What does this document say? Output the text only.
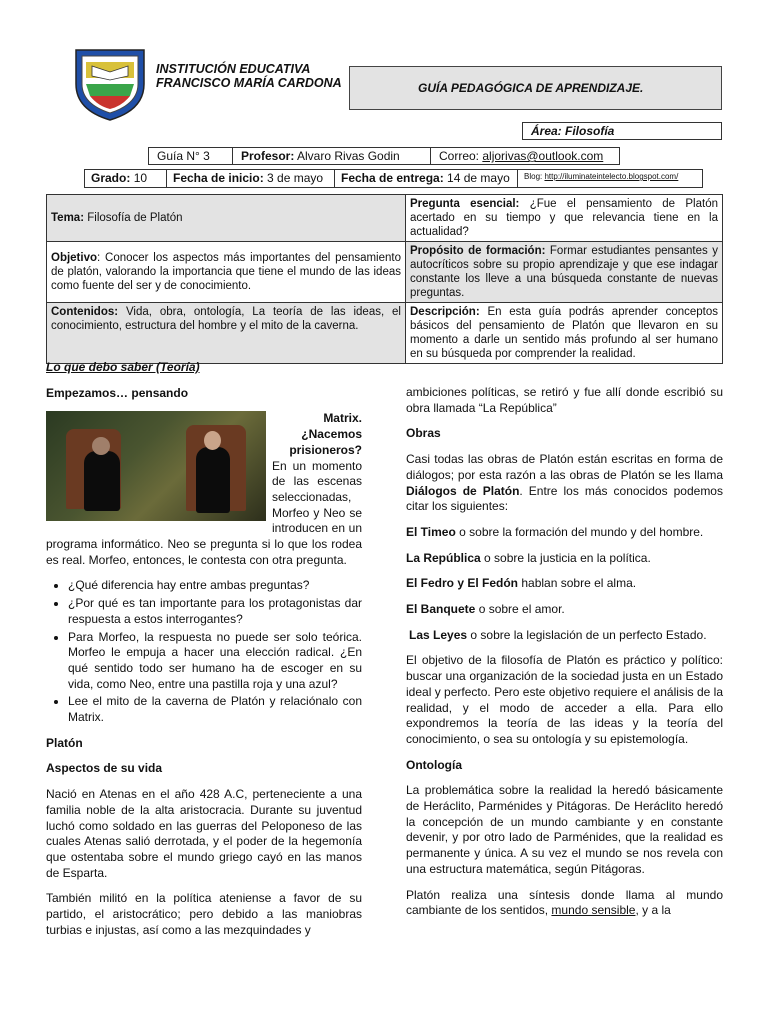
INSTITUCIÓN EDUCATIVA
FRANCISCO MARÍA CARDONA	GUÍA PEDAGÓGICA DE APRENDIZAJE.
Área: Filosofía
Guía N° 3	Profesor: Alvaro Rivas Godin	Correo: aljorivas@outlook.com
Grado: 10	Fecha de inicio: 3 de mayo	Fecha de entrega: 14 de mayo	Blog: http://iluminateintelecto.blogspot.com/
Tema: Filosofía de Platón	Pregunta esencial: ¿Fue el pensamiento de Platón acertado en su tiempo y que relevancia tiene en la actualidad?
Objetivo: Conocer los aspectos más importantes del pensamiento de platón, valorando la importancia que tiene el mundo de las ideas como fuente del ser y de conocimiento.	Propósito de formación: Formar estudiantes pensantes y autocríticos sobre su propio aprendizaje y que ese indagar constante los lleve a una búsqueda constante de nuevas preguntas.
Contenidos: Vida, obra, ontología, La teoría de las ideas, el conocimiento, estructura del hombre y el mito de la caverna.	Descripción: En esta guía podrás aprender conceptos básicos del pensamiento de Platón que llevaron en su momento a darle un sentido más profundo al ser humano en su búsqueda por comprender la realidad.
Lo que debo saber (Teoría)
Empezamos… pensando
Matrix.
¿Nacemos
prisioneros?

En un momento de las escenas seleccionadas, Morfeo y Neo se introducen en un programa informático. Neo se pregunta si lo que los rodea es real. Morfeo, entonces, le contesta con otra pregunta.

• ¿Qué diferencia hay entre ambas preguntas?
• ¿Por qué es tan importante para los protagonistas dar respuesta a estos interrogantes?
• Para Morfeo, la respuesta no puede ser solo teórica. Morfeo le empuja a hacer una elección radical. ¿En qué sentido todo ser humano ha de escoger en su vida, como Neo, entre una pastilla roja y una azul?
• Lee el mito de la caverna de Platón y relaciónalo con Matrix.
Platón
Aspectos de su vida

Nació en Atenas en el año 428 A.C, perteneciente a una familia noble de la alta aristocracia. Durante su juventud luchó como soldado en las guerras del Peloponeso de las cuales Atenas salió derrotada, y el poder de la hegemonía que ostentaba sobre el mundo griego cayó en las manos de Esparta.

También militó en la política ateniense a favor de su partido, el aristocrático; pero debido a las maniobras turbias e injustas, así como a las mezquindades y

ambiciones políticas, se retiró y fue allí donde escribió su obra llamada “La República”

Obras

Casi todas las obras de Platón están escritas en forma de diálogos; por esta razón a las obras de Platón se les llama Diálogos de Platón. Entre los más conocidos podemos citar los siguientes:

El Timeo o sobre la formación del mundo y del hombre.

La República o sobre la justicia en la política.

El Fedro y El Fedón hablan sobre el alma.

El Banquete o sobre el amor.

Las Leyes o sobre la legislación de un perfecto Estado.

El objetivo de la filosofía de Platón es práctico y político: buscar una organización de la sociedad justa en un Estado ideal y perfecto. Pero este objetivo requiere el análisis de la realidad, y el modo de acceder a ella. Para ello expondremos la teoría de las ideas y la teoría del conocimiento, o sea su ontología y su epistemología.

Ontología

La problemática sobre la realidad la heredó básicamente de Heráclito, Parménides y Pitágoras. De Heráclito heredó la concepción de un mundo cambiante y en constante devenir, y por otro lado de Parménides, que la realidad es permanente y única. A su vez el mundo se nos revela con una estructura matemática, según Pitágoras.

Platón realiza una síntesis donde llama al mundo cambiante de los sentidos, mundo sensible, y a la
